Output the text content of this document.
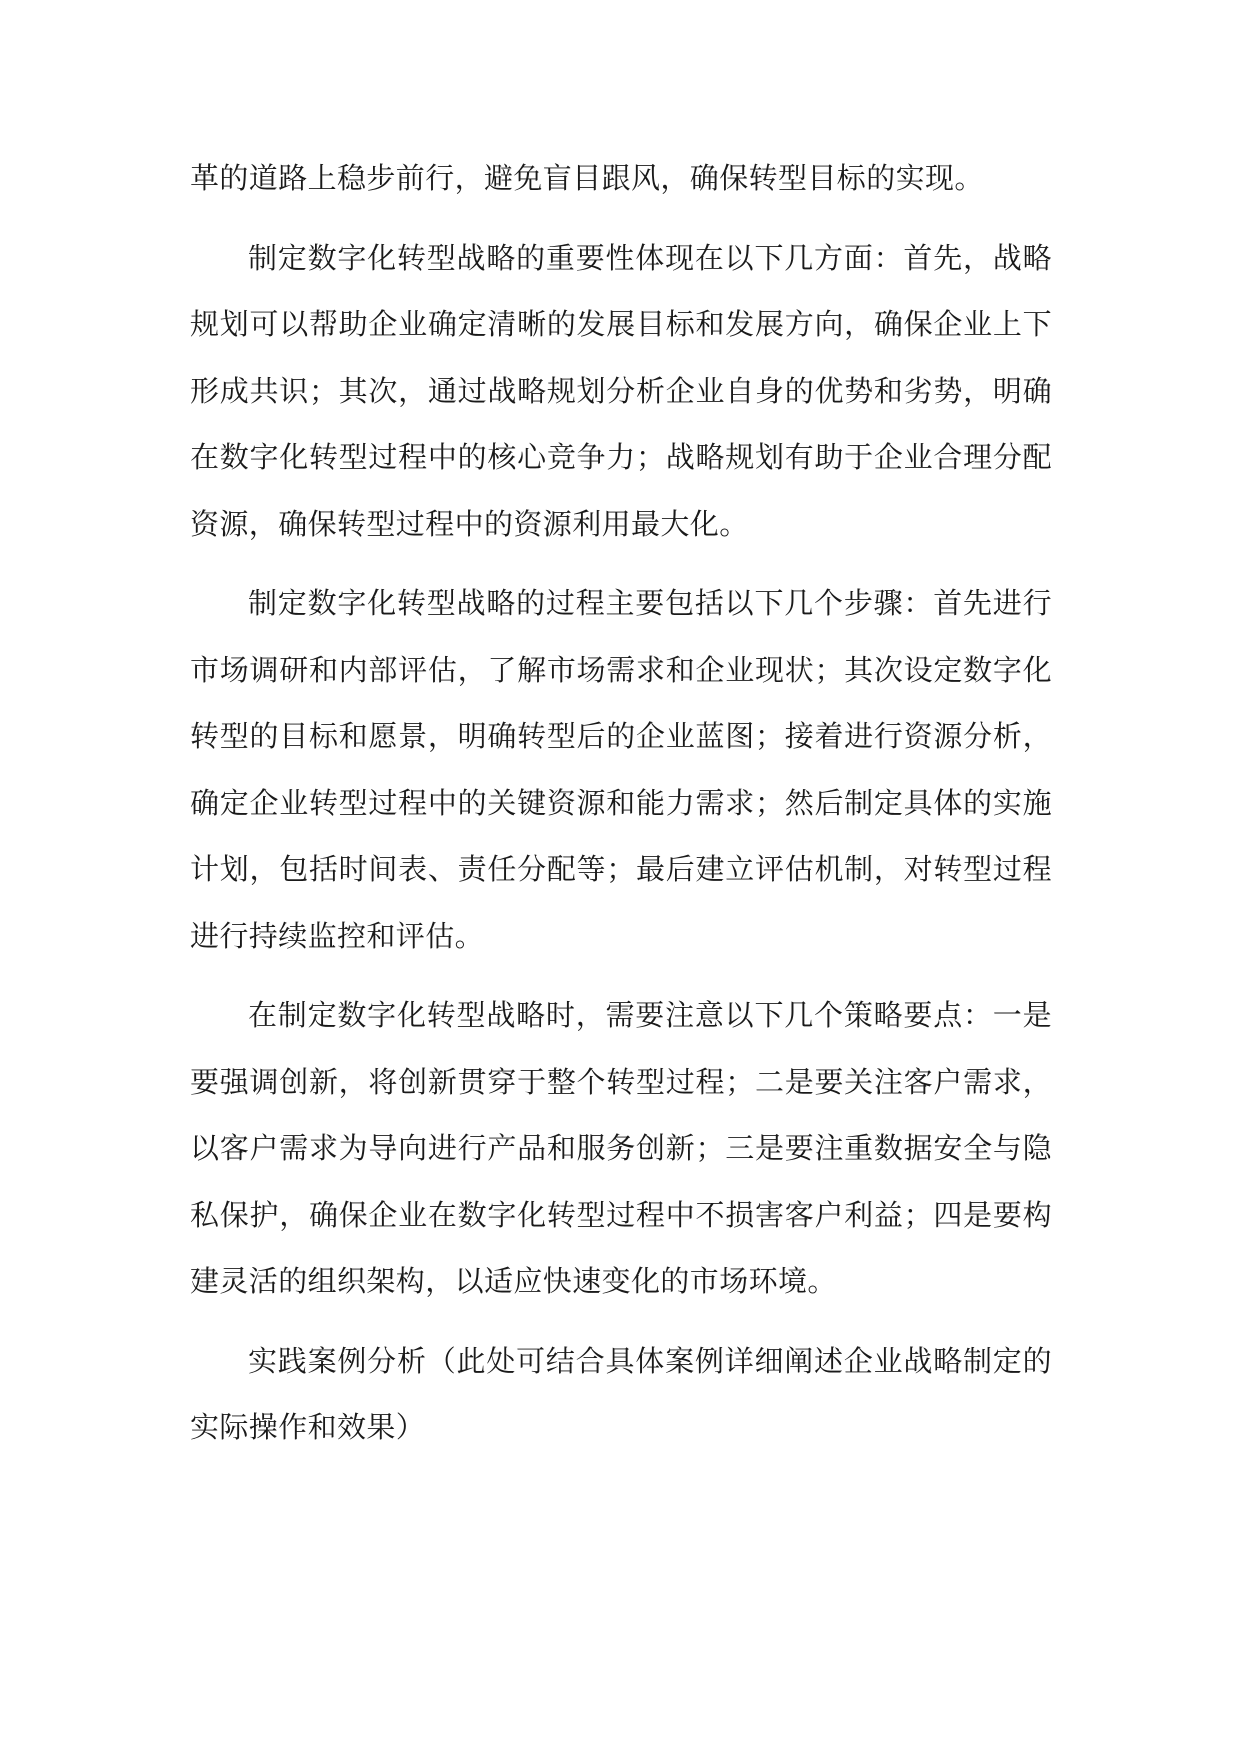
革的道路上稳步前行，避免盲目跟风，确保转型目标的实现。

制定数字化转型战略的重要性体现在以下几方面：首先，战略规划可以帮助企业确定清晰的发展目标和发展方向，确保企业上下形成共识；其次，通过战略规划分析企业自身的优势和劣势，明确在数字化转型过程中的核心竞争力；战略规划有助于企业合理分配资源，确保转型过程中的资源利用最大化。

制定数字化转型战略的过程主要包括以下几个步骤：首先进行市场调研和内部评估，了解市场需求和企业现状；其次设定数字化转型的目标和愿景，明确转型后的企业蓝图；接着进行资源分析，确定企业转型过程中的关键资源和能力需求；然后制定具体的实施计划，包括时间表、责任分配等；最后建立评估机制，对转型过程进行持续监控和评估。

在制定数字化转型战略时，需要注意以下几个策略要点：一是要强调创新，将创新贯穿于整个转型过程；二是要关注客户需求，以客户需求为导向进行产品和服务创新；三是要注重数据安全与隐私保护，确保企业在数字化转型过程中不损害客户利益；四是要构建灵活的组织架构，以适应快速变化的市场环境。

实践案例分析（此处可结合具体案例详细阐述企业战略制定的实际操作和效果）
